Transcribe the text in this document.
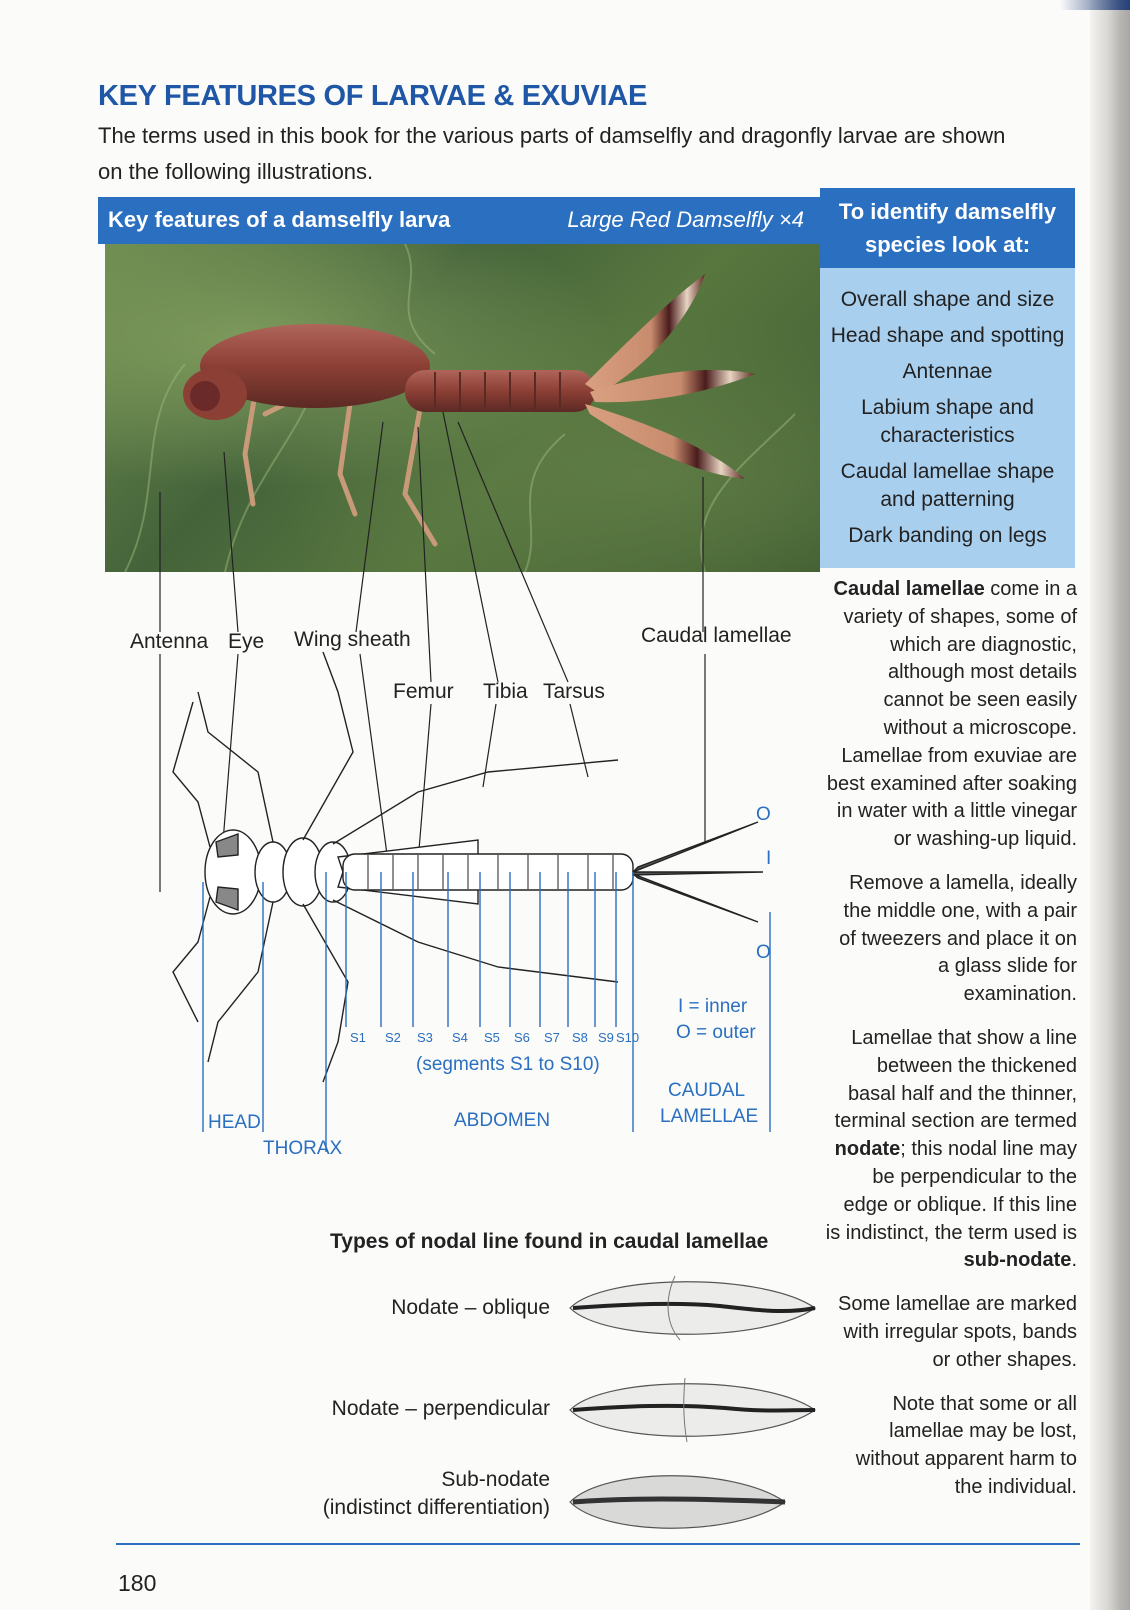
KEY FEATURES OF LARVAE & EXUVIAE

The terms used in this book for the various parts of damselfly and dragonfly larvae are shown on the following illustrations.

Key features of a damselfly larva	Large Red Damselfly ×4	To identify damselfly
species look at:
Overall shape and size
Head shape and spotting
Antennae
Labium shape and characteristics
Caudal lamellae shape and patterning
Dark banding on legs

Caudal lamellae come in a variety of shapes, some of which are diagnostic, although most details cannot be seen easily without a microscope. Lamellae from exuviae are best examined after soaking in water with a little vinegar or washing-up liquid.

Remove a lamella, ideally the middle one, with a pair of tweezers and place it on a glass slide for examination.

Lamellae that show a line between the thickened basal half and the thinner, terminal section are termed nodate; this nodal line may be perpendicular to the edge or oblique. If this line is indistinct, the term used is sub-nodate.

Some lamellae are marked with irregular spots, bands or other shapes.

Note that some or all lamellae may be lost, without apparent harm to the individual.

Antenna Eye Wing sheath	Caudal lamellae
Femur Tibia Tarsus
O
I
O
S1 S2 S3 S4 S5 S6 S7 S8 S9 S10
(segments S1 to S10)
I = inner
O = outer
HEAD
THORAX
ABDOMEN
CAUDAL
LAMELLAE
Types of nodal line found in caudal lamellae
Nodate – oblique
Nodate – perpendicular
Sub-nodate
(indistinct differentiation)
180
